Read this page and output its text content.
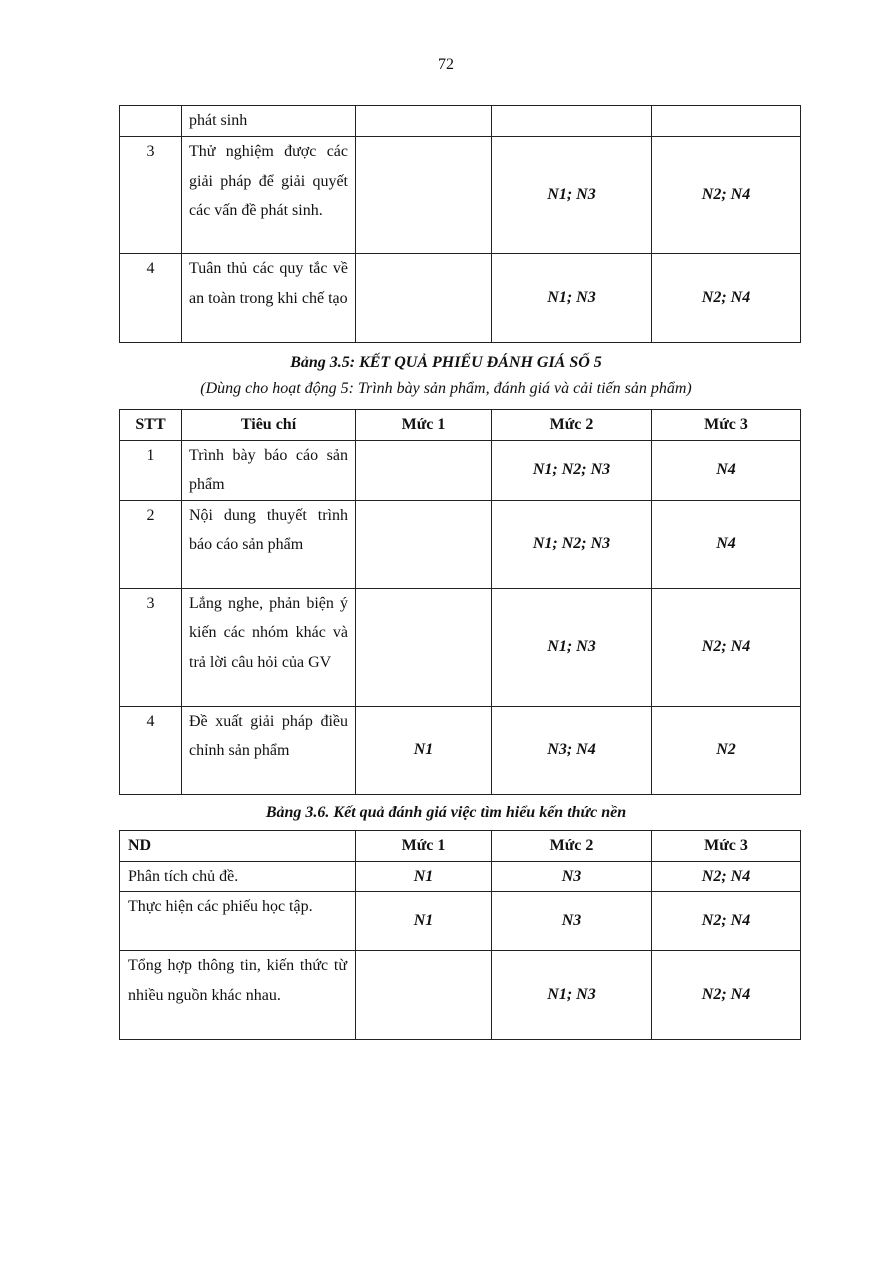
72
	phát sinh			
3	Thử nghiệm được các giải pháp để giải quyết các vấn đề phát sinh.		N1; N3	N2; N4
4	Tuân thủ các quy tắc về an toàn trong khi chế tạo		N1; N3	N2; N4
Bảng 3.5: KẾT QUẢ PHIẾU ĐÁNH GIÁ SỐ 5
(Dùng cho hoạt động 5: Trình bày sản phẩm, đánh giá và cải tiến sản phẩm)
STT	Tiêu chí	Mức 1	Mức 2	Mức 3
1	Trình bày báo cáo sản phẩm		N1; N2; N3	N4
2	Nội dung thuyết trình báo cáo sản phẩm		N1; N2; N3	N4
3	Lắng nghe, phản biện ý kiến các nhóm khác và trả lời câu hỏi của GV		N1; N3	N2; N4
4	Đề xuất giải pháp điều chỉnh sản phẩm	N1	N3; N4	N2
Bảng 3.6. Kết quả đánh giá việc tìm hiểu kến thức nền
ND	Mức 1	Mức 2	Mức 3
Phân tích chủ đề.	N1	N3	N2; N4
Thực hiện các phiếu học tập.	N1	N3	N2; N4
Tổng hợp thông tin, kiến thức từ nhiều nguồn khác nhau.		N1; N3	N2; N4
